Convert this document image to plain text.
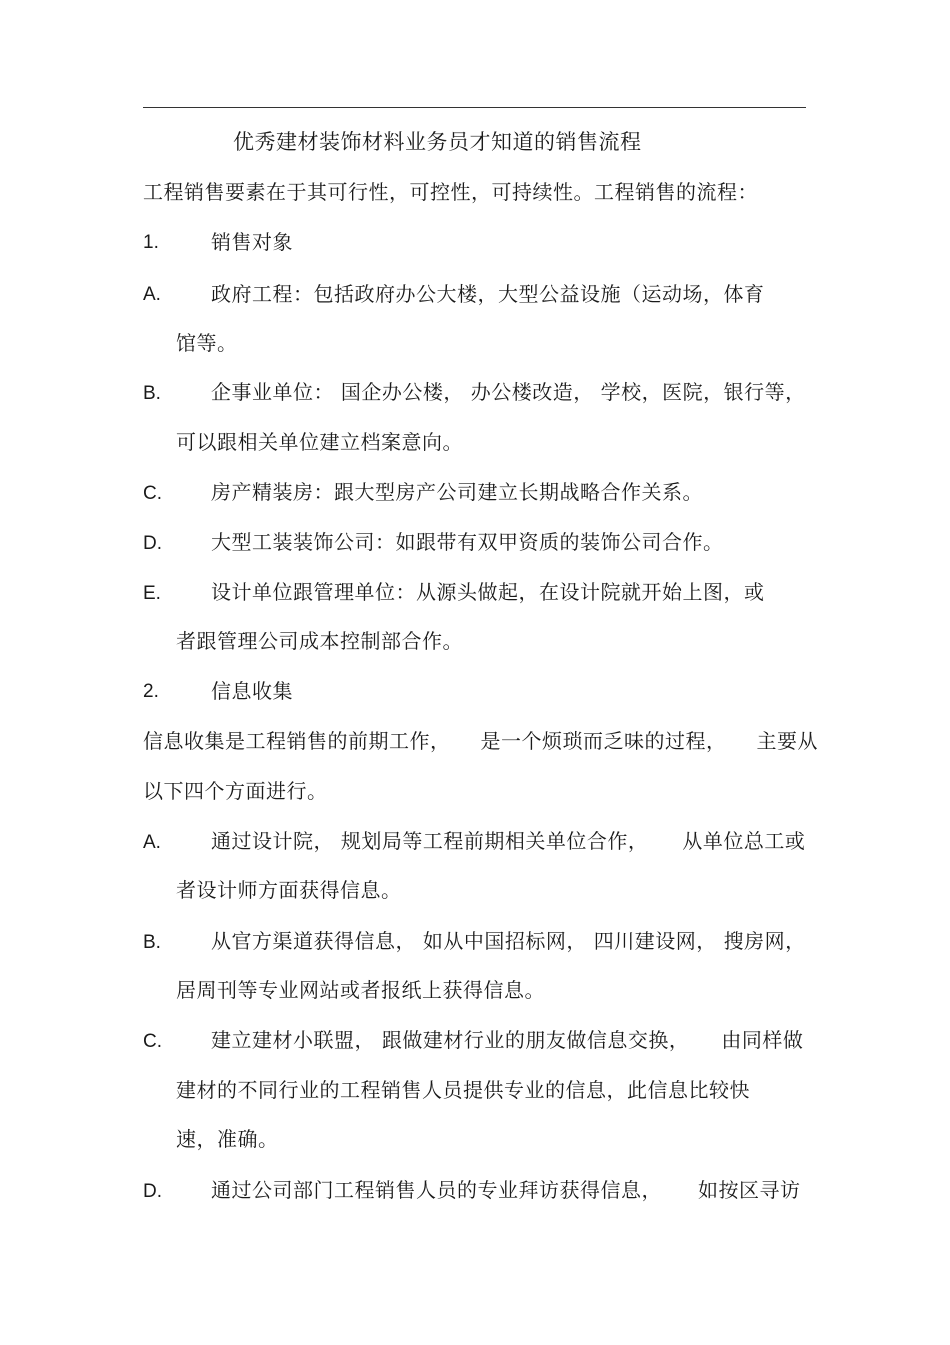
优秀建材装饰材料业务员才知道的销售流程
工程销售要素在于其可行性，可控性，可持续性。工程销售的流程：
1.	销售对象
A.	政府工程：包括政府办公大楼，大型公益设施（运动场，体育
馆等。
B.	企事业单位： 国企办公楼， 办公楼改造， 学校，医院，银行等，
可以跟相关单位建立档案意向。
C. 房产精装房：跟大型房产公司建立长期战略合作关系。
D. 大型工装装饰公司：如跟带有双甲资质的装饰公司合作。
E.	设计单位跟管理单位：从源头做起，在设计院就开始上图，或
者跟管理公司成本控制部合作。
2.	信息收集
信息收集是工程销售的前期工作， 是一个烦琐而乏味的过程， 主要从
以下四个方面进行。
A.	通过设计院， 规划局等工程前期相关单位合作， 从单位总工或
者设计师方面获得信息。
B.	从官方渠道获得信息， 如从中国招标网， 四川建设网， 搜房网，
居周刊等专业网站或者报纸上获得信息。
C. 建立建材小联盟， 跟做建材行业的朋友做信息交换， 由同样做
建材的不同行业的工程销售人员提供专业的信息，此信息比较快
速，准确。
D. 通过公司部门工程销售人员的专业拜访获得信息， 如按区寻访
